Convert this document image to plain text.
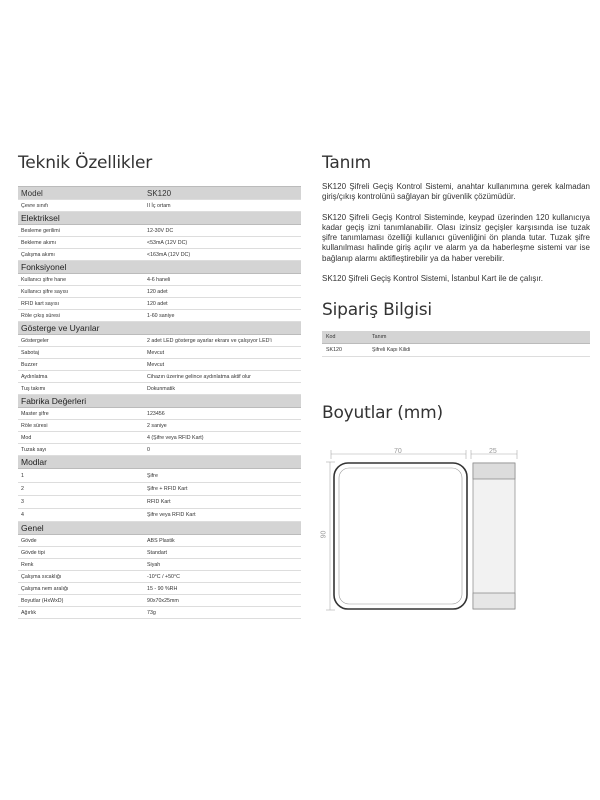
Teknik Özellikler
Model	SK120
Çevre sınıfı	II İç ortam
Elektriksel
Besleme gerilimi	12-30V DC
Bekleme akımı	<53mA (12V DC)
Çalışma akımı	<163mA (12V DC)
Fonksiyonel
Kullanıcı şifre hane	4-6 haneli
Kullanıcı şifre sayısı	120 adet
RFID kart sayısı	120 adet
Röle çıkış süresi	1-60 saniye
Gösterge ve Uyarılar
Göstergeler	2 adet LED gösterge ayarlar ekranı ve çalışıyor LED'i
Sabotaj	Mevcut
Buzzer	Mevcut
Aydınlatma	Cihazın üzerine gelince aydınlatma aktif olur
Tuş takımı	Dokunmatik
Fabrika Değerleri
Master şifre	123456
Röle süresi	2 saniye
Mod	4 (Şifre veya RFID Kart)
Tuzak sayı	0
Modlar
1	Şifre
2	Şifre + RFID Kart
3	RFID Kart
4	Şifre veya RFID Kart
Genel
Gövde	ABS Plastik
Gövde tipi	Standart
Renk	Siyah
Çalışma sıcaklığı	-10°C / +50°C
Çalışma nem aralığı	15 - 90 %RH
Boyutlar (HxWxD)	90x70x25mm
Ağırlık	73g
Tanım

SK120 Şifreli Geçiş Kontrol Sistemi, anahtar kullanımına gerek kalmadan giriş/çıkış kontrolünü sağlayan bir güvenlik çözümüdür.

SK120 Şifreli Geçiş Kontrol Sisteminde, keypad üzerinden 120 kullanıcıya kadar geçiş izni tanımlanabilir. Olası izinsiz geçişler karşısında ise tuzak şifre tanımlaması özelliği kullanıcı güvenliğini ön planda tutar. Tuzak şifre kullanılması halinde giriş açılır ve alarm ya da haberleşme sistemi var ise bağlanıp alarmı aktifleştirebilir ya da haber verebilir.

SK120 Şifreli Geçiş Kontrol Sistemi, İstanbul Kart ile de çalışır.

Sipariş Bilgisi
Kod	Tanım
SK120	Şifreli Kapı Kilidi
Boyutlar (mm)
70	25
90
